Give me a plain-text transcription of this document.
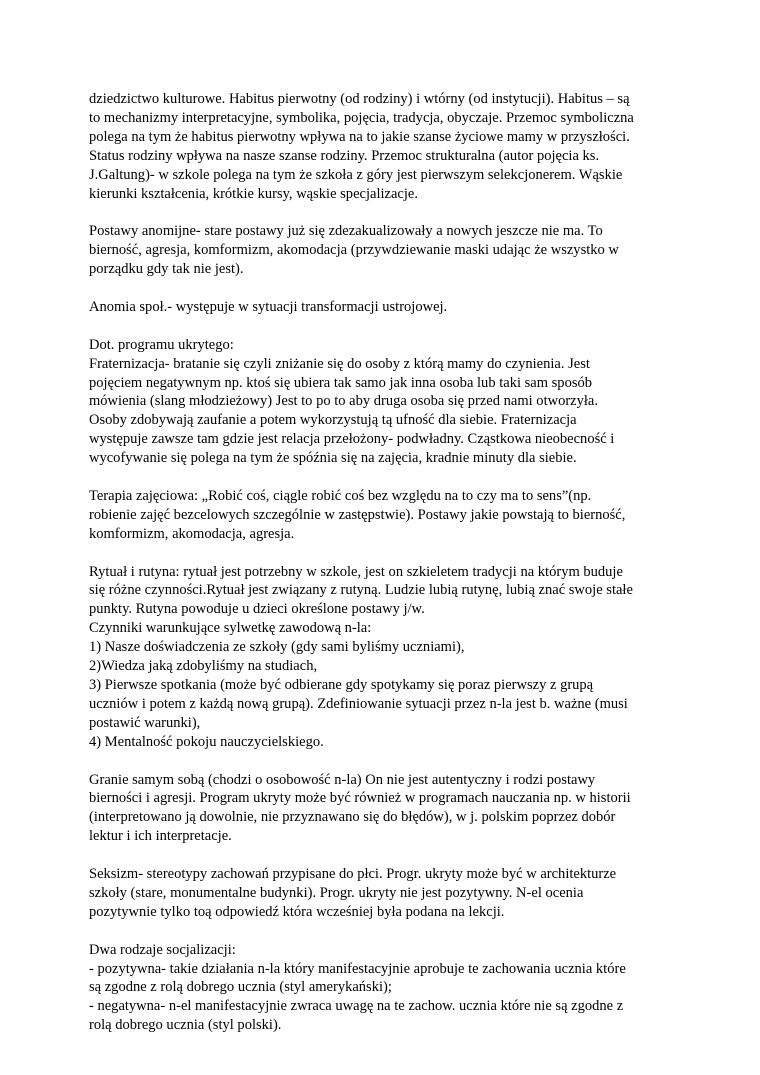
dziedzictwo kulturowe. Habitus pierwotny (od rodziny) i wtórny (od instytucji). Habitus – są
to mechanizmy interpretacyjne, symbolika, pojęcia, tradycja, obyczaje. Przemoc symboliczna
polega na tym że habitus pierwotny wpływa na to jakie szanse życiowe mamy w przyszłości.
Status rodziny wpływa na nasze szanse rodziny. Przemoc strukturalna (autor pojęcia ks.
J.Galtung)- w szkole polega na tym że szkoła z góry jest pierwszym selekcjonerem. Wąskie
kierunki kształcenia, krótkie kursy, wąskie specjalizacje.
Postawy anomijne- stare postawy już się zdezakualizowały a nowych jeszcze nie ma. To
bierność, agresja, komformizm, akomodacja (przywdziewanie maski udając że wszystko w
porządku gdy tak nie jest).
Anomia społ.- występuje w sytuacji transformacji ustrojowej.
Dot. programu ukrytego:
Fraternizacja- bratanie się czyli zniżanie się do osoby z którą mamy do czynienia. Jest
pojęciem negatywnym np. ktoś się ubiera tak samo jak inna osoba lub taki sam sposób
mówienia (slang młodzieżowy) Jest to po to aby druga osoba się przed nami otworzyła.
Osoby zdobywają zaufanie a potem wykorzystują tą ufność dla siebie. Fraternizacja
występuje zawsze tam gdzie jest relacja przełożony- podwładny. Cząstkowa nieobecność i
wycofywanie się polega na tym że spóźnia się na zajęcia, kradnie minuty dla siebie.
Terapia zajęciowa: „Robić coś, ciągle robić coś bez względu na to czy ma to sens”(np.
robienie zajęć bezcelowych szczególnie w zastępstwie). Postawy jakie powstają to bierność,
komformizm, akomodacja, agresja.
Rytuał i rutyna: rytuał jest potrzebny w szkole, jest on szkieletem tradycji na którym buduje
się różne czynności.Rytuał jest związany z rutyną. Ludzie lubią rutynę, lubią znać swoje stałe
punkty. Rutyna powoduje u dzieci określone postawy j/w.
Czynniki warunkujące sylwetkę zawodową n-la:
1) Nasze doświadczenia ze szkoły (gdy sami byliśmy uczniami),
2)Wiedza jaką zdobyliśmy na studiach,
3) Pierwsze spotkania (może być odbierane gdy spotykamy się poraz pierwszy z grupą
uczniów i potem z każdą nową grupą). Zdefiniowanie sytuacji przez n-la jest b. ważne (musi
postawić warunki),
4) Mentalność pokoju nauczycielskiego.
Granie samym sobą (chodzi o osobowość n-la) On nie jest autentyczny i rodzi postawy
bierności i agresji. Program ukryty może być również w programach nauczania np. w historii
(interpretowano ją dowolnie, nie przyznawano się do błędów), w j. polskim poprzez dobór
lektur i ich interpretacje.
Seksizm- stereotypy zachowań przypisane do płci. Progr. ukryty może być w architekturze
szkoły (stare, monumentalne budynki). Progr. ukryty nie jest pozytywny. N-el ocenia
pozytywnie tylko toą odpowiedź która wcześniej była podana na lekcji.
Dwa rodzaje socjalizacji:
- pozytywna- takie działania n-la który manifestacyjnie aprobuje te zachowania ucznia które
są zgodne z rolą dobrego ucznia (styl amerykański);
- negatywna- n-el manifestacyjnie zwraca uwagę na te zachow. ucznia które nie są zgodne z
rolą dobrego ucznia (styl polski).
